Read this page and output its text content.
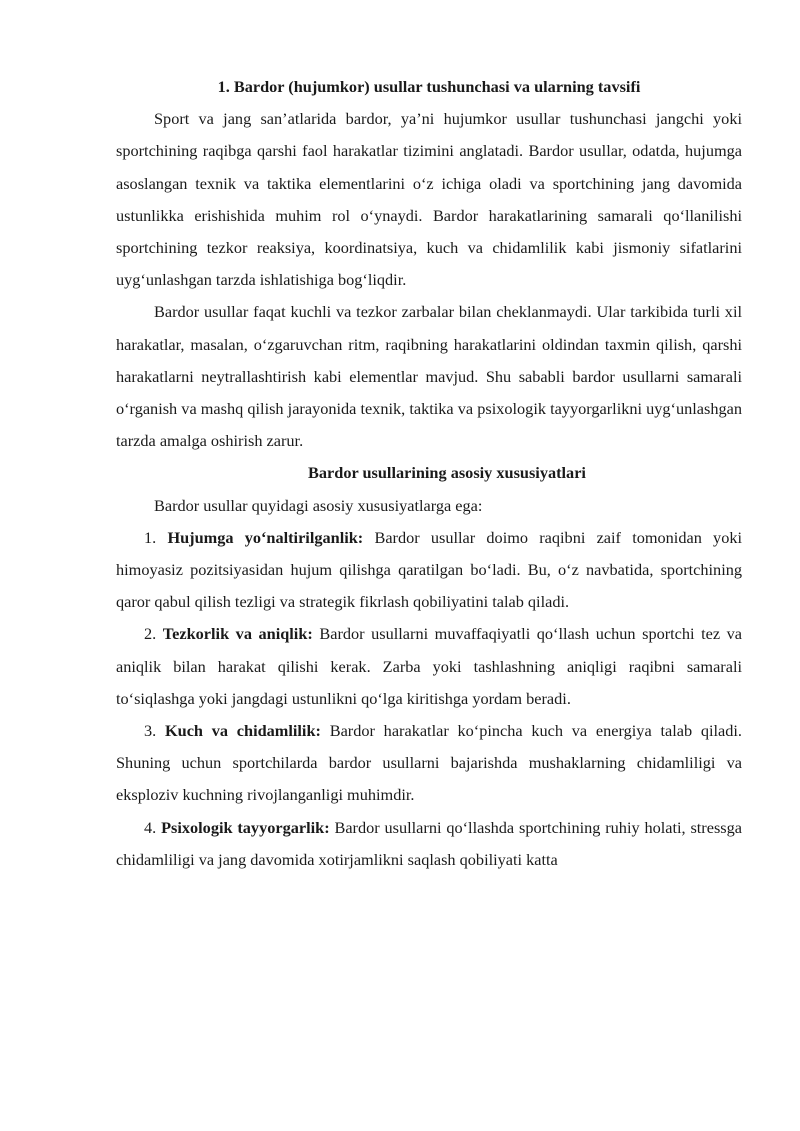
1. Bardor (hujumkor) usullar tushunchasi va ularning tavsifi

Sport va jang san’atlarida bardor, ya’ni hujumkor usullar tushunchasi jangchi yoki sportchining raqibga qarshi faol harakatlar tizimini anglatadi. Bardor usullar, odatda, hujumga asoslangan texnik va taktika elementlarini o‘z ichiga oladi va sportchining jang davomida ustunlikka erishishida muhim rol o‘ynaydi. Bardor harakatlarining samarali qo‘llanilishi sportchining tezkor reaksiya, koordinatsiya, kuch va chidamlilik kabi jismoniy sifatlarini uyg‘unlashgan tarzda ishlatishiga bog‘liqdir.

Bardor usullar faqat kuchli va tezkor zarbalar bilan cheklanmaydi. Ular tarkibida turli xil harakatlar, masalan, o‘zgaruvchan ritm, raqibning harakatlarini oldindan taxmin qilish, qarshi harakatlarni neytrallashtirish kabi elementlar mavjud. Shu sababli bardor usullarni samarali o‘rganish va mashq qilish jarayonida texnik, taktika va psixologik tayyorgarlikni uyg‘unlashgan tarzda amalga oshirish zarur.

Bardor usullarining asosiy xususiyatlari

Bardor usullar quyidagi asosiy xususiyatlarga ega:

1. Hujumga yo‘naltirilganlik: Bardor usullar doimo raqibni zaif tomonidan yoki himoyasiz pozitsiyasidan hujum qilishga qaratilgan bo‘ladi. Bu, o‘z navbatida, sportchining qaror qabul qilish tezligi va strategik fikrlash qobiliyatini talab qiladi.

2. Tezkorlik va aniqlik: Bardor usullarni muvaffaqiyatli qo‘llash uchun sportchi tez va aniqlik bilan harakat qilishi kerak. Zarba yoki tashlashning aniqligi raqibni samarali to‘siqlashga yoki jangdagi ustunlikni qo‘lga kiritishga yordam beradi.

3. Kuch va chidamlilik: Bardor harakatlar ko‘pincha kuch va energiya talab qiladi. Shuning uchun sportchilarda bardor usullarni bajarishda mushaklarning chidamliligi va eksploziv kuchning rivojlanganligi muhimdir.

4. Psixologik tayyorgarlik: Bardor usullarni qo‘llashda sportchining ruhiy holati, stressga chidamliligi va jang davomida xotirjamlikni saqlash qobiliyati katta
